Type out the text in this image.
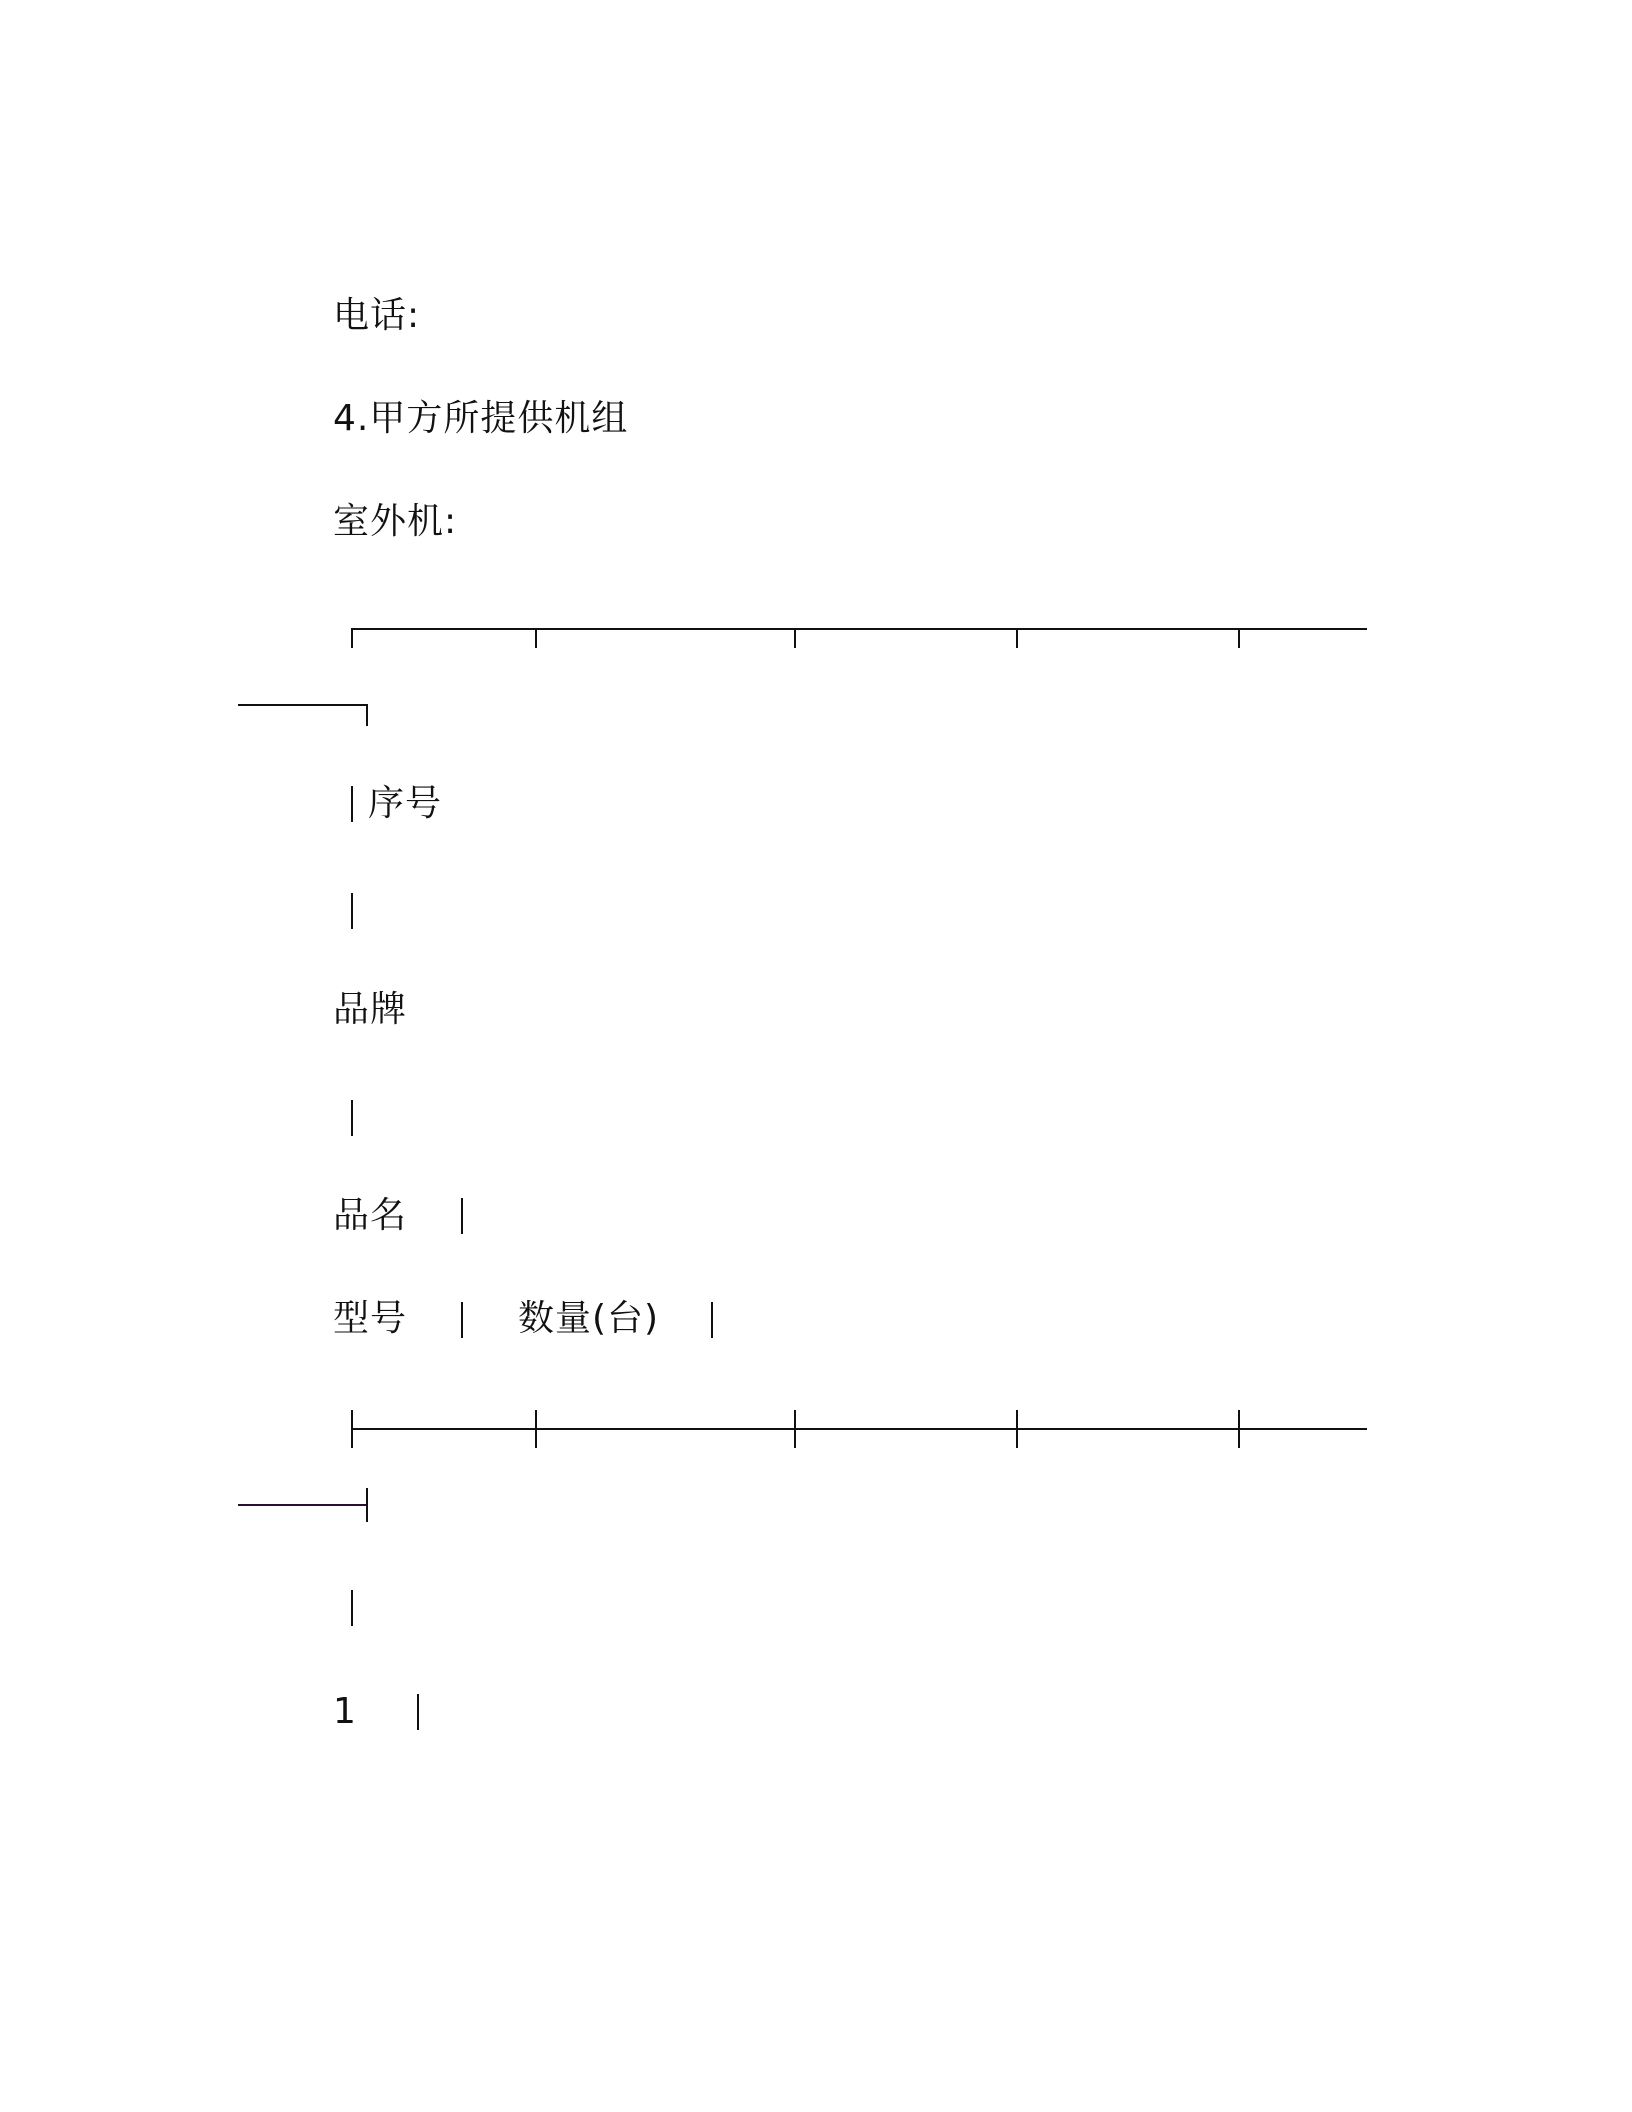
电话:
4.甲方所提供机组
室外机:
序号
品牌
品名
型号	数量(台)
1
